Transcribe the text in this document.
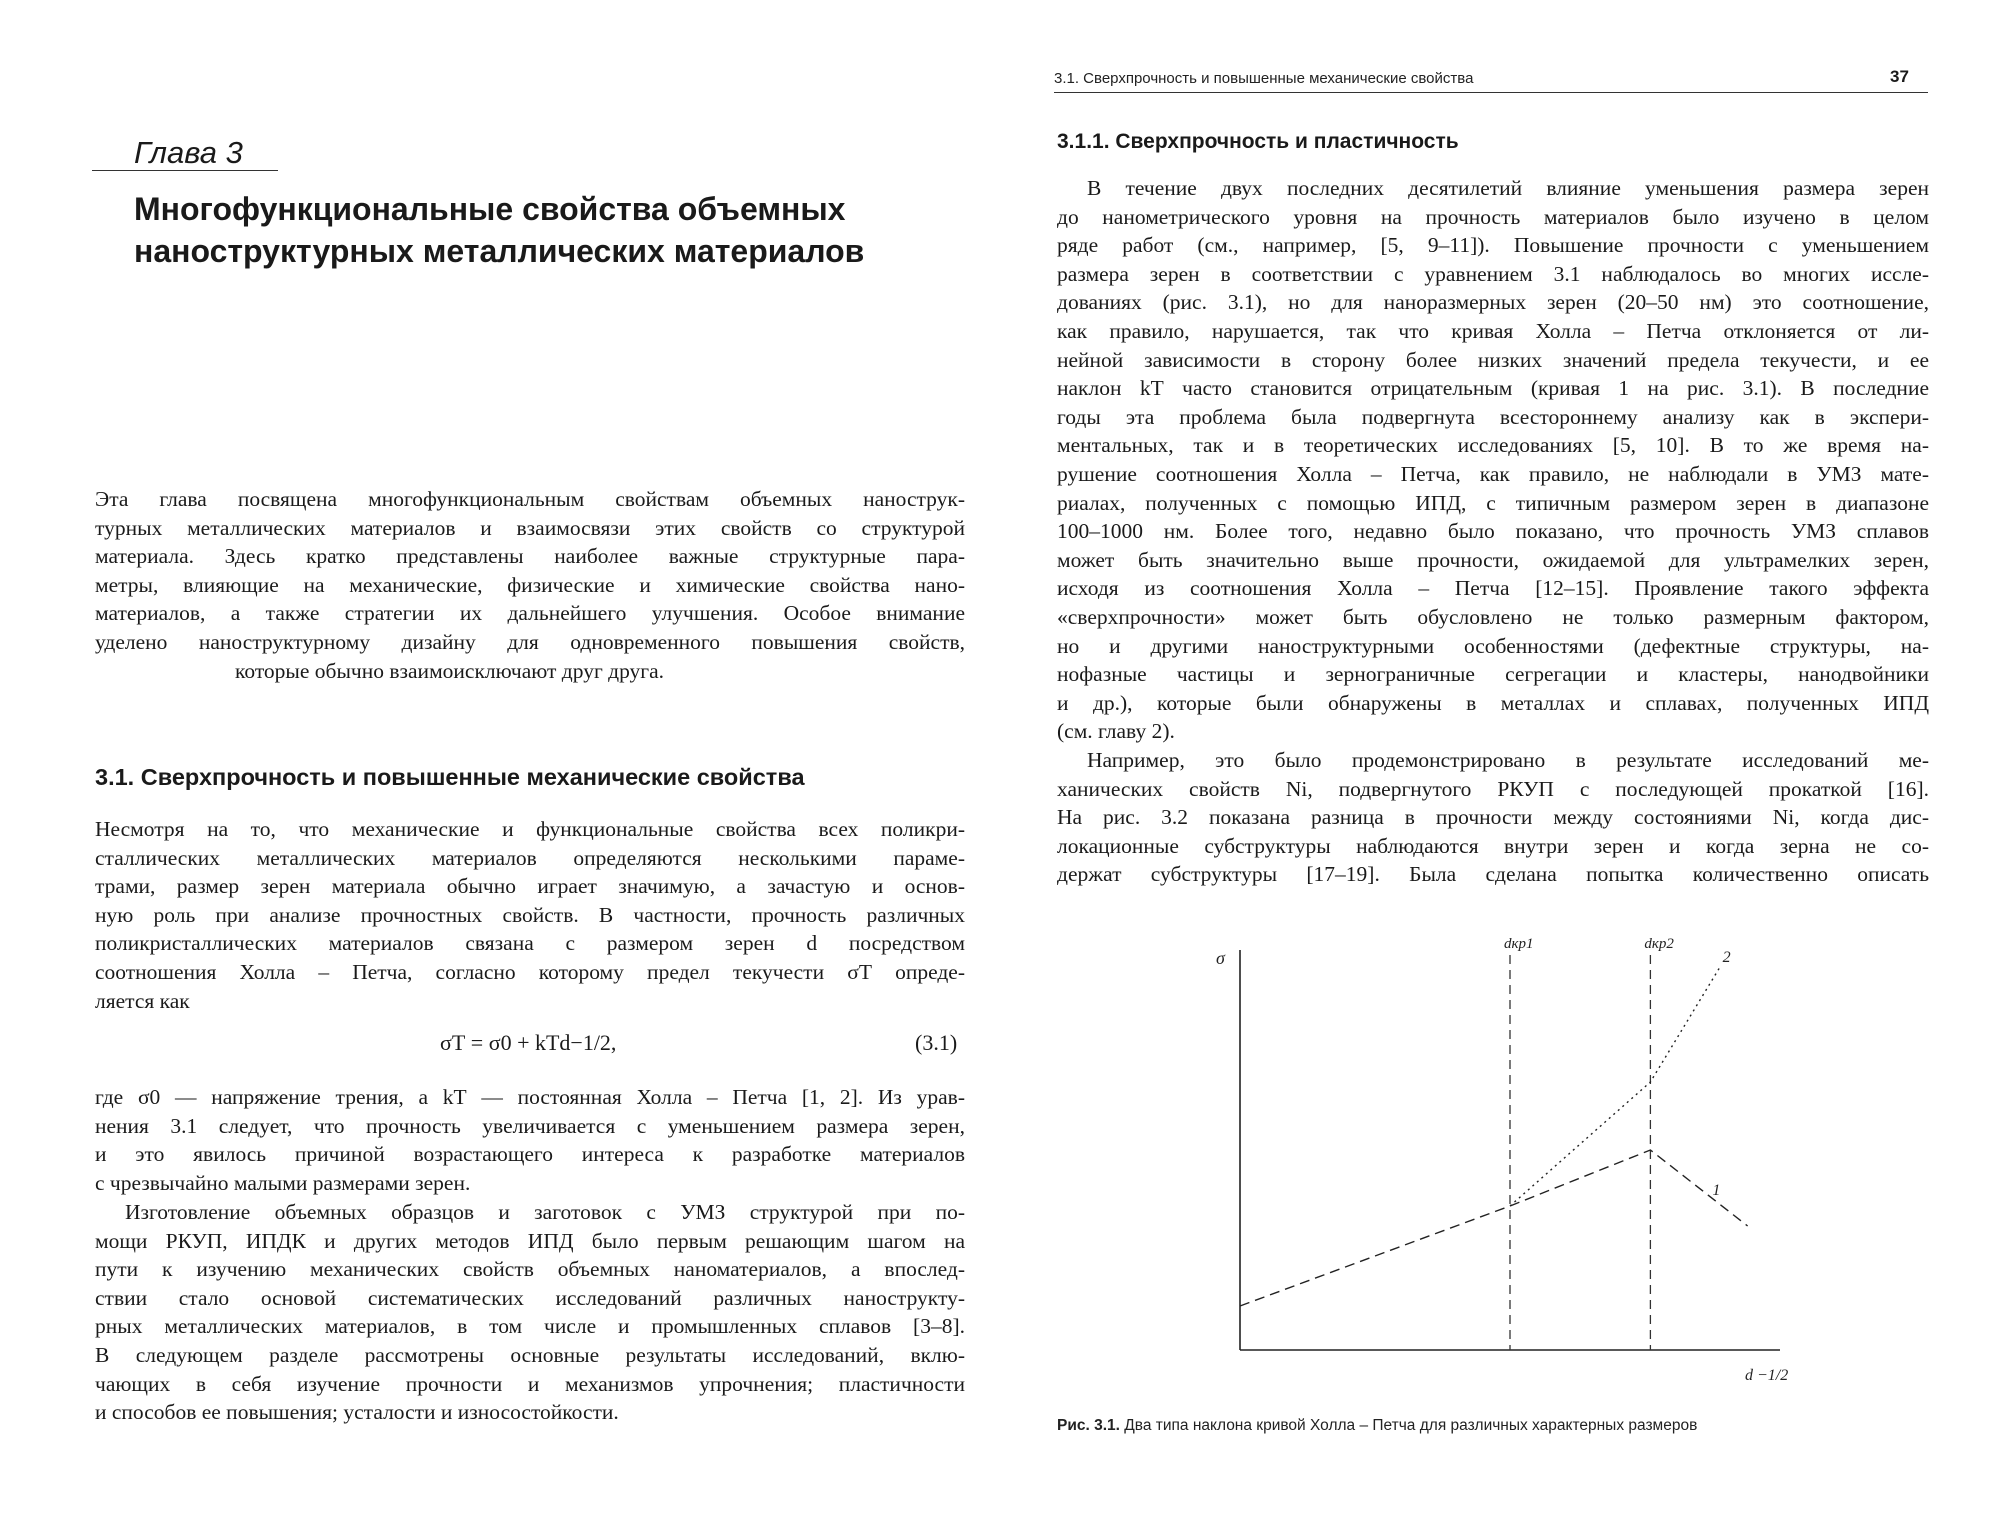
Глава 3
Многофункциональные свойства объемных
наноструктурных металлических материалов
Эта глава посвящена многофункциональным свойствам объемных нанострук-
турных металлических материалов и взаимосвязи этих свойств со структурой
материала. Здесь кратко представлены наиболее важные структурные пара-
метры, влияющие на механические, физические и химические свойства нано-
материалов, а также стратегии их дальнейшего улучшения. Особое внимание
уделено наноструктурному дизайну для одновременного повышения свойств,
которые обычно взаимоисключают друг друга.
3.1. Сверхпрочность и повышенные механические свойства
Несмотря на то, что механические и функциональные свойства всех поликри-
сталлических металлических материалов определяются несколькими параме-
трами, размер зерен материала обычно играет значимую, а зачастую и основ-
ную роль при анализе прочностных свойств. В частности, прочность различных
поликристаллических материалов связана с размером зерен d посредством
соотношения Холла – Петча, согласно которому предел текучести σТ опреде-
ляется как
σТ = σ0 + kТd−1/2,	(3.1)
где σ0 — напряжение трения, а kТ — постоянная Холла – Петча [1, 2]. Из урав-
нения 3.1 следует, что прочность увеличивается с уменьшением размера зерен,
и это явилось причиной возрастающего интереса к разработке материалов
с чрезвычайно малыми размерами зерен.
Изготовление объемных образцов и заготовок с УМЗ структурой при по-
мощи РКУП, ИПДК и других методов ИПД было первым решающим шагом на
пути к изучению механических свойств объемных наноматериалов, а впослед-
ствии стало основой систематических исследований различных нанострукту-
рных металлических материалов, в том числе и промышленных сплавов [3–8].
В следующем разделе рассмотрены основные результаты исследований, вклю-
чающих в себя изучение прочности и механизмов упрочнения; пластичности
и способов ее повышения; усталости и износостойкости.
3.1. Сверхпрочность и повышенные механические свойства	37
3.1.1. Сверхпрочность и пластичность
В течение двух последних десятилетий влияние уменьшения размера зерен
до нанометрического уровня на прочность материалов было изучено в целом
ряде работ (см., например, [5, 9–11]). Повышение прочности с уменьшением
размера зерен в соответствии с уравнением 3.1 наблюдалось во многих иссле-
дованиях (рис. 3.1), но для наноразмерных зерен (20–50 нм) это соотношение,
как правило, нарушается, так что кривая Холла – Петча отклоняется от ли-
нейной зависимости в сторону более низких значений предела текучести, и ее
наклон kТ часто становится отрицательным (кривая 1 на рис. 3.1). В последние
годы эта проблема была подвергнута всестороннему анализу как в экспери-
ментальных, так и в теоретических исследованиях [5, 10]. В то же время на-
рушение соотношения Холла – Петча, как правило, не наблюдали в УМЗ мате-
риалах, полученных с помощью ИПД, с типичным размером зерен в диапазоне
100–1000 нм. Более того, недавно было показано, что прочность УМЗ сплавов
может быть значительно выше прочности, ожидаемой для ультрамелких зерен,
исходя из соотношения Холла – Петча [12–15]. Проявление такого эффекта
«сверхпрочности» может быть обусловлено не только размерным фактором,
но и другими наноструктурными особенностями (дефектные структуры, на-
нофазные частицы и зернограничные сегрегации и кластеры, нанодвойники
и др.), которые были обнаружены в металлах и сплавах, полученных ИПД
(см. главу 2).
Например, это было продемонстрировано в результате исследований ме-
ханических свойств Ni, подвергнутого РКУП с последующей прокаткой [16].
На рис. 3.2 показана разница в прочности между состояниями Ni, когда дис-
локационные субструктуры наблюдаются внутри зерен и когда зерна не со-
держат субструктуры [17–19]. Была сделана попытка количественно описать
σ
d −1/2
dкр1	dкр2
1
2
Рис. 3.1. Два типа наклона кривой Холла – Петча для различных характерных размеров
